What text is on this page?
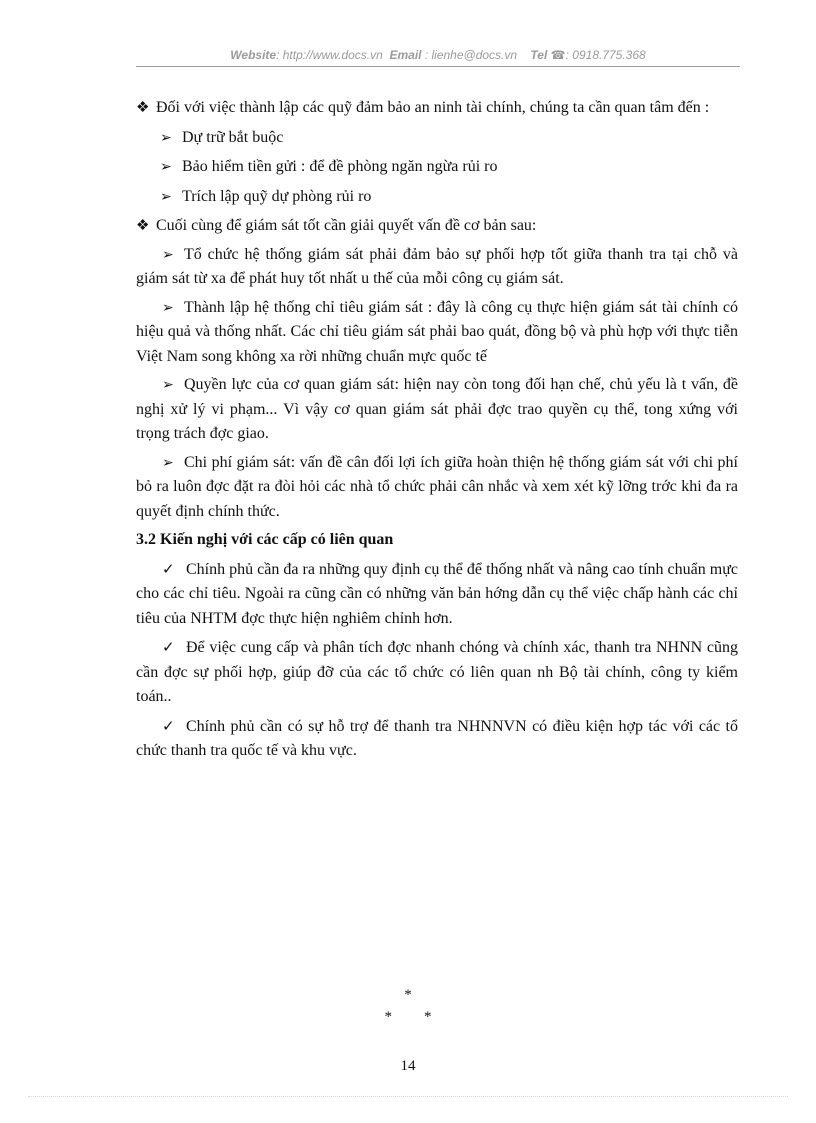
Website: http://www.docs.vn Email : lienhe@docs.vn Tel ☎: 0918.775.368
❖ Đối với việc thành lập các quỹ đảm bảo an ninh tài chính, chúng ta cần quan tâm đến :
➢ Dự trữ bắt buộc
➢ Bảo hiểm tiền gửi : để đề phòng ngăn ngừa rủi ro
➢ Trích lập quỹ dự phòng rủi ro
❖ Cuối cùng để giám sát tốt cần giải quyết vấn đề cơ bản sau:
➢ Tổ chức hệ thống giám sát phải đảm bảo sự phối hợp tốt giữa thanh tra tại chỗ và giám sát từ xa để phát huy tốt nhất u thế của mỗi công cụ giám sát.
➢ Thành lập hệ thống chỉ tiêu giám sát : đây là công cụ thực hiện giám sát tài chính có hiệu quả và thống nhất. Các chỉ tiêu giám sát phải bao quát, đồng bộ và phù hợp với thực tiễn Việt Nam song không xa rời những chuẩn mực quốc tế
➢ Quyền lực của cơ quan giám sát: hiện nay còn tong đối hạn chế, chủ yếu là t vấn, đề nghị xử lý vi phạm... Vì vậy cơ quan giám sát phải đợc trao quyền cụ thể, tong xứng với trọng trách đợc giao.
➢ Chi phí giám sát: vấn đề cân đối lợi ích giữa hoàn thiện hệ thống giám sát với chi phí bỏ ra luôn đợc đặt ra đòi hỏi các nhà tổ chức phải cân nhắc và xem xét kỹ lỡng trớc khi đa ra quyết định chính thức.
3.2 Kiến nghị với các cấp có liên quan
✓ Chính phủ cần đa ra những quy định cụ thể để thống nhất và nâng cao tính chuẩn mực cho các chỉ tiêu. Ngoài ra cũng cần có những văn bản hớng dẫn cụ thể việc chấp hành các chỉ tiêu của NHTM đợc thực hiện nghiêm chỉnh hơn.
✓ Để việc cung cấp và phân tích đợc nhanh chóng và chính xác, thanh tra NHNN cũng cần đợc sự phối hợp, giúp đỡ của các tổ chức có liên quan nh Bộ tài chính, công ty kiểm toán..
✓ Chính phủ cần có sự hỗ trợ để thanh tra NHNNVN có điều kiện hợp tác với các tổ chức thanh tra quốc tế và khu vực.
*
**
14
